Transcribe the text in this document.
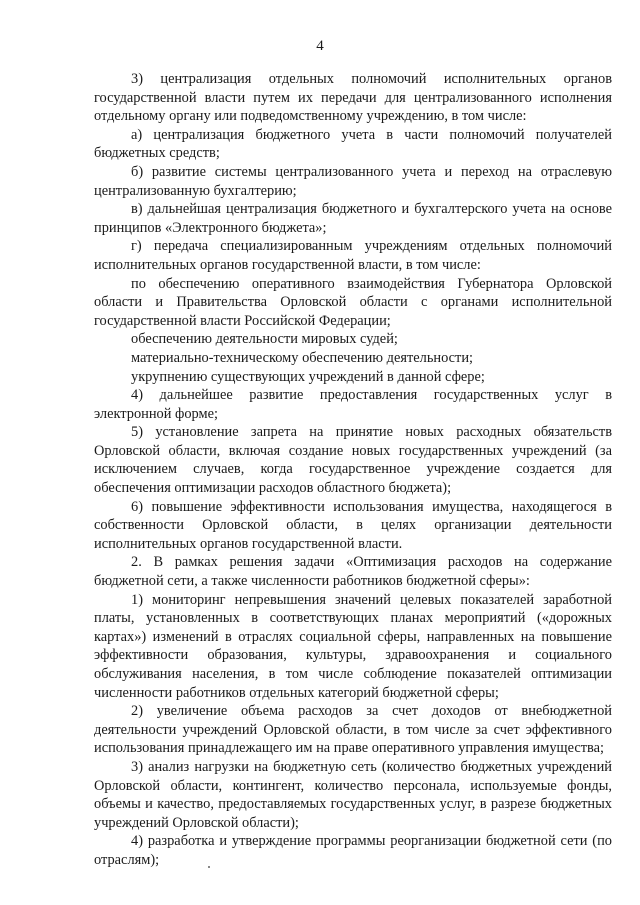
4

3) централизация отдельных полномочий исполнительных органов государственной власти путем их передачи для централизованного исполнения отдельному органу или подведомственному учреждению, в том числе:

а) централизация бюджетного учета в части полномочий получателей бюджетных средств;

б) развитие системы централизованного учета и переход на отраслевую централизованную бухгалтерию;

в) дальнейшая централизация бюджетного и бухгалтерского учета на основе принципов «Электронного бюджета»;

г) передача специализированным учреждениям отдельных полномочий исполнительных органов государственной власти, в том числе:

по обеспечению оперативного взаимодействия Губернатора Орловской области и Правительства Орловской области с органами исполнительной государственной власти Российской Федерации;

обеспечению деятельности мировых судей;

материально-техническому обеспечению деятельности;

укрупнению существующих учреждений в данной сфере;

4) дальнейшее развитие предоставления государственных услуг в электронной форме;

5) установление запрета на принятие новых расходных обязательств Орловской области, включая создание новых государственных учреждений (за исключением случаев, когда государственное учреждение создается для обеспечения оптимизации расходов областного бюджета);

6) повышение эффективности использования имущества, находящегося в собственности Орловской области, в целях организации деятельности исполнительных органов государственной власти.

2. В рамках решения задачи «Оптимизация расходов на содержание бюджетной сети, а также численности работников бюджетной сферы»:

1) мониторинг непревышения значений целевых показателей заработной платы, установленных в соответствующих планах мероприятий («дорожных картах») изменений в отраслях социальной сферы, направленных на повышение эффективности образования, культуры, здравоохранения и социального обслуживания населения, в том числе соблюдение показателей оптимизации численности работников отдельных категорий бюджетной сферы;

2) увеличение объема расходов за счет доходов от внебюджетной деятельности учреждений Орловской области, в том числе за счет эффективного использования принадлежащего им на праве оперативного управления имущества;

3) анализ нагрузки на бюджетную сеть (количество бюджетных учреждений Орловской области, контингент, количество персонала, используемые фонды, объемы и качество, предоставляемых государственных услуг, в разрезе бюджетных учреждений Орловской области);

4) разработка и утверждение программы реорганизации бюджетной сети (по отраслям);
